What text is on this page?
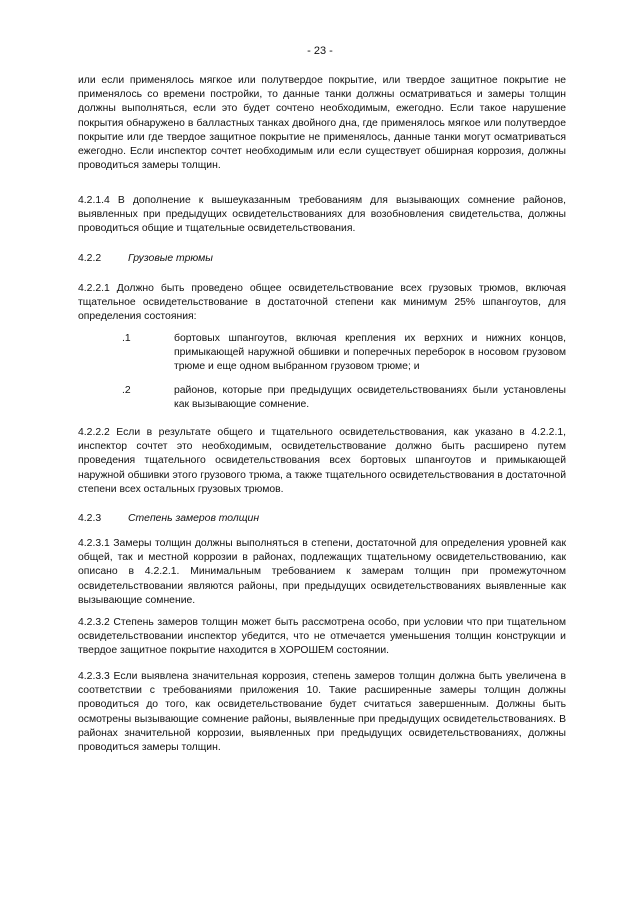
- 23 -
или если применялось мягкое или полутвердое покрытие, или твердое защитное покрытие не применялось со времени постройки, то данные танки должны осматриваться и замеры толщин должны выполняться, если это будет сочтено необходимым, ежегодно. Если такое нарушение покрытия обнаружено в балластных танках двойного дна, где применялось мягкое или полутвердое покрытие или где твердое защитное покрытие не применялось, данные танки могут осматриваться ежегодно. Если инспектор сочтет необходимым или если существует обширная коррозия, должны проводиться замеры толщин.
4.2.1.4 В дополнение к вышеуказанным требованиям для вызывающих сомнение районов, выявленных при предыдущих освидетельствованиях для возобновления свидетельства, должны проводиться общие и тщательные освидетельствования.
4.2.2	Грузовые трюмы
4.2.2.1 Должно быть проведено общее освидетельствование всех грузовых трюмов, включая тщательное освидетельствование в достаточной степени как минимум 25% шпангоутов, для определения состояния:
.1	бортовых шпангоутов, включая крепления их верхних и нижних концов, примыкающей наружной обшивки и поперечных переборок в носовом грузовом трюме и еще одном выбранном грузовом трюме; и
.2	районов, которые при предыдущих освидетельствованиях были установлены как вызывающие сомнение.
4.2.2.2 Если в результате общего и тщательного освидетельствования, как указано в 4.2.2.1, инспектор сочтет это необходимым, освидетельствование должно быть расширено путем проведения тщательного освидетельствования всех бортовых шпангоутов и примыкающей наружной обшивки этого грузового трюма, а также тщательного освидетельствования в достаточной степени всех остальных грузовых трюмов.
4.2.3	Степень замеров толщин
4.2.3.1 Замеры толщин должны выполняться в степени, достаточной для определения уровней как общей, так и местной коррозии в районах, подлежащих тщательному освидетельствованию, как описано в 4.2.2.1. Минимальным требованием к замерам толщин при промежуточном освидетельствовании являются районы, при предыдущих освидетельствованиях выявленные как вызывающие сомнение.
4.2.3.2 Степень замеров толщин может быть рассмотрена особо, при условии что при тщательном освидетельствовании инспектор убедится, что не отмечается уменьшения толщин конструкции и твердое защитное покрытие находится в ХОРОШЕМ состоянии.
4.2.3.3 Если выявлена значительная коррозия, степень замеров толщин должна быть увеличена в соответствии с требованиями приложения 10. Такие расширенные замеры толщин должны проводиться до того, как освидетельствование будет считаться завершенным. Должны быть осмотрены вызывающие сомнение районы, выявленные при предыдущих освидетельствованиях. В районах значительной коррозии, выявленных при предыдущих освидетельствованиях, должны проводиться замеры толщин.
